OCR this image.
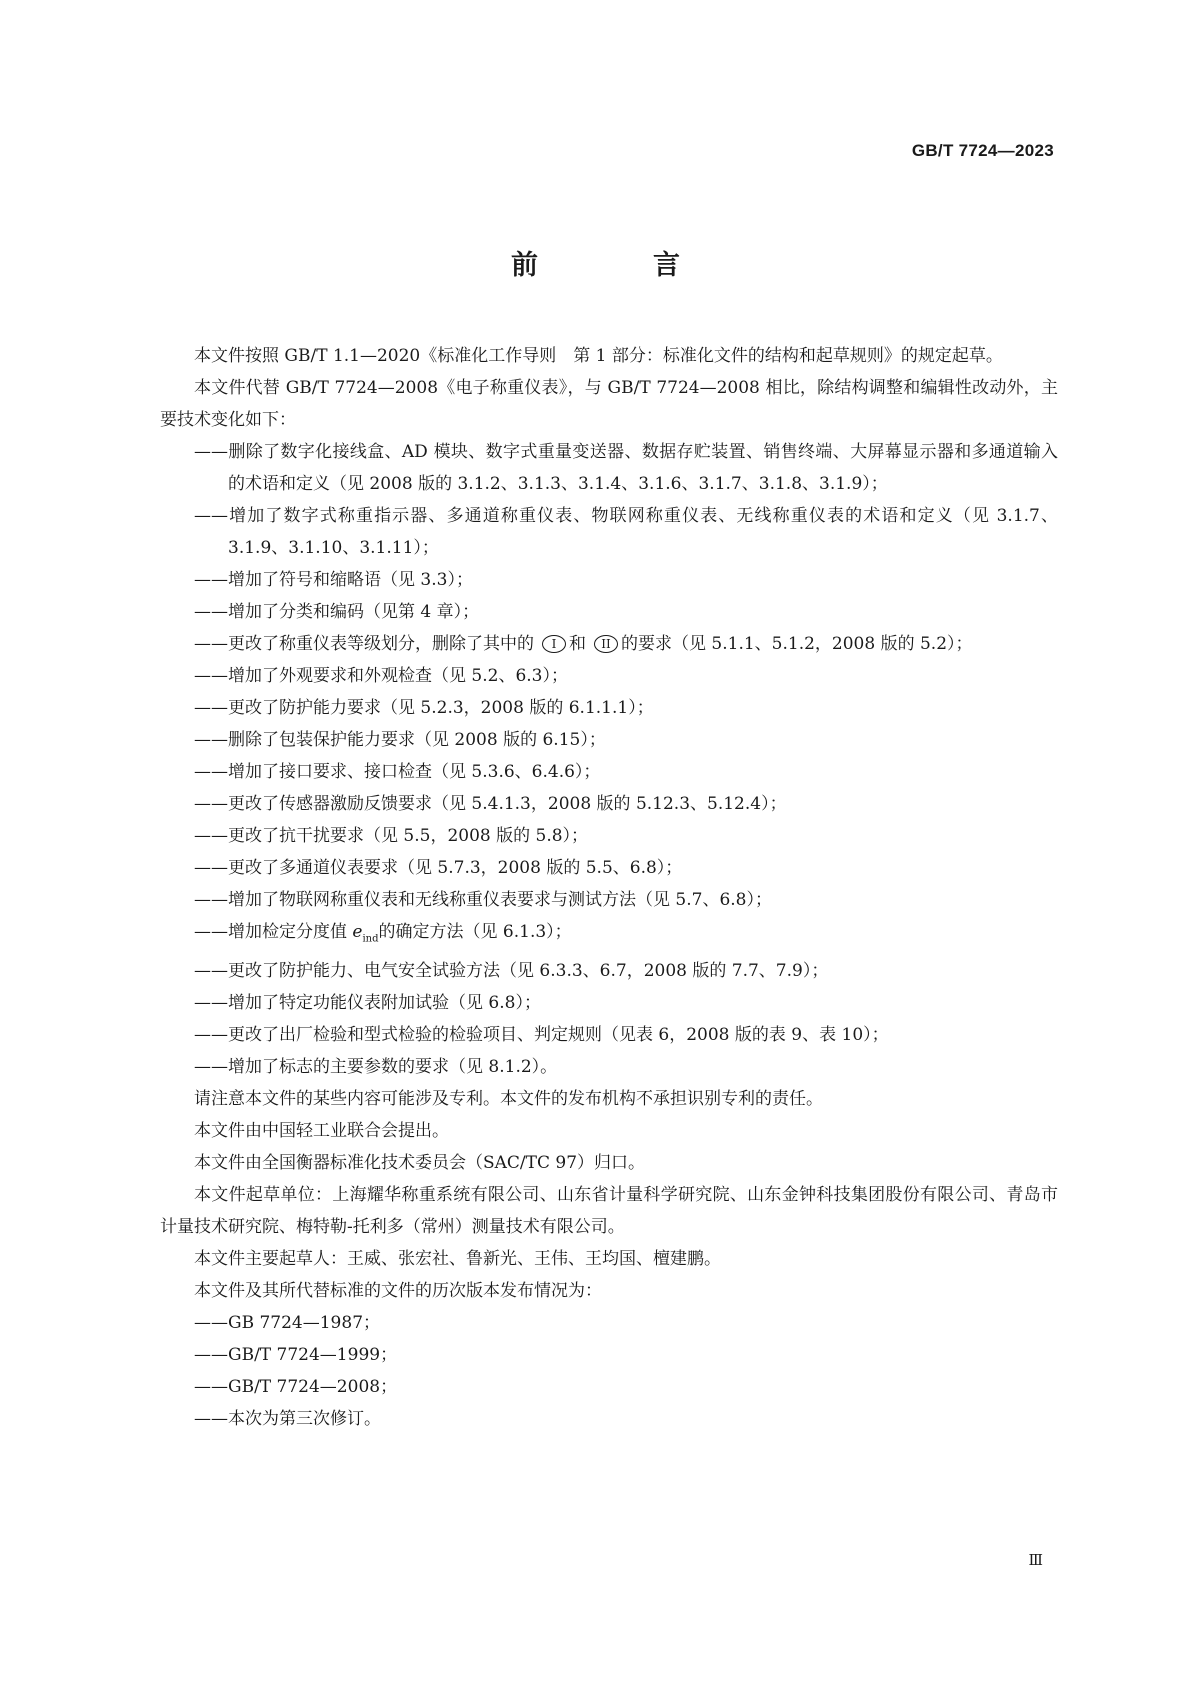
GB/T 7724—2023
前　言

本文件按照 GB/T 1.1—2020《标准化工作导则　第 1 部分：标准化文件的结构和起草规则》的规定起草。

本文件代替 GB/T 7724—2008《电子称重仪表》，与 GB/T 7724—2008 相比，除结构调整和编辑性改动外，主要技术变化如下：

——删除了数字化接线盒、AD 模块、数字式重量变送器、数据存贮装置、销售终端、大屏幕显示器和多通道输入的术语和定义（见 2008 版的 3.1.2、3.1.3、3.1.4、3.1.6、3.1.7、3.1.8、3.1.9）；

——增加了数字式称重指示器、多通道称重仪表、物联网称重仪表、无线称重仪表的术语和定义（见 3.1.7、3.1.9、3.1.10、3.1.11）；

——增加了符号和缩略语（见 3.3）；

——增加了分类和编码（见第 4 章）；

——更改了称重仪表等级划分，删除了其中的 I 和 II 的要求（见 5.1.1、5.1.2，2008 版的 5.2）；

——增加了外观要求和外观检查（见 5.2、6.3）；

——更改了防护能力要求（见 5.2.3，2008 版的 6.1.1.1）；

——删除了包装保护能力要求（见 2008 版的 6.15）；

——增加了接口要求、接口检查（见 5.3.6、6.4.6）；

——更改了传感器激励反馈要求（见 5.4.1.3，2008 版的 5.12.3、5.12.4）；

——更改了抗干扰要求（见 5.5，2008 版的 5.8）；

——更改了多通道仪表要求（见 5.7.3，2008 版的 5.5、6.8）；

——增加了物联网称重仪表和无线称重仪表要求与测试方法（见 5.7、6.8）；

——增加检定分度值 $e_{ind}$的确定方法（见 6.1.3）；

——更改了防护能力、电气安全试验方法（见 6.3.3、6.7，2008 版的 7.7、7.9）；

——增加了特定功能仪表附加试验（见 6.8）；

——更改了出厂检验和型式检验的检验项目、判定规则（见表 6，2008 版的表 9、表 10）；

——增加了标志的主要参数的要求（见 8.1.2）。

请注意本文件的某些内容可能涉及专利。本文件的发布机构不承担识别专利的责任。

本文件由中国轻工业联合会提出。

本文件由全国衡器标准化技术委员会（SAC/TC 97）归口。

本文件起草单位：上海耀华称重系统有限公司、山东省计量科学研究院、山东金钟科技集团股份有限公司、青岛市计量技术研究院、梅特勒-托利多（常州）测量技术有限公司。

本文件主要起草人：王威、张宏社、鲁新光、王伟、王均国、檀建鹏。

本文件及其所代替标准的文件的历次版本发布情况为：

——GB 7724—1987；

——GB/T 7724—1999；

——GB/T 7724—2008；

——本次为第三次修订。

Ⅲ
